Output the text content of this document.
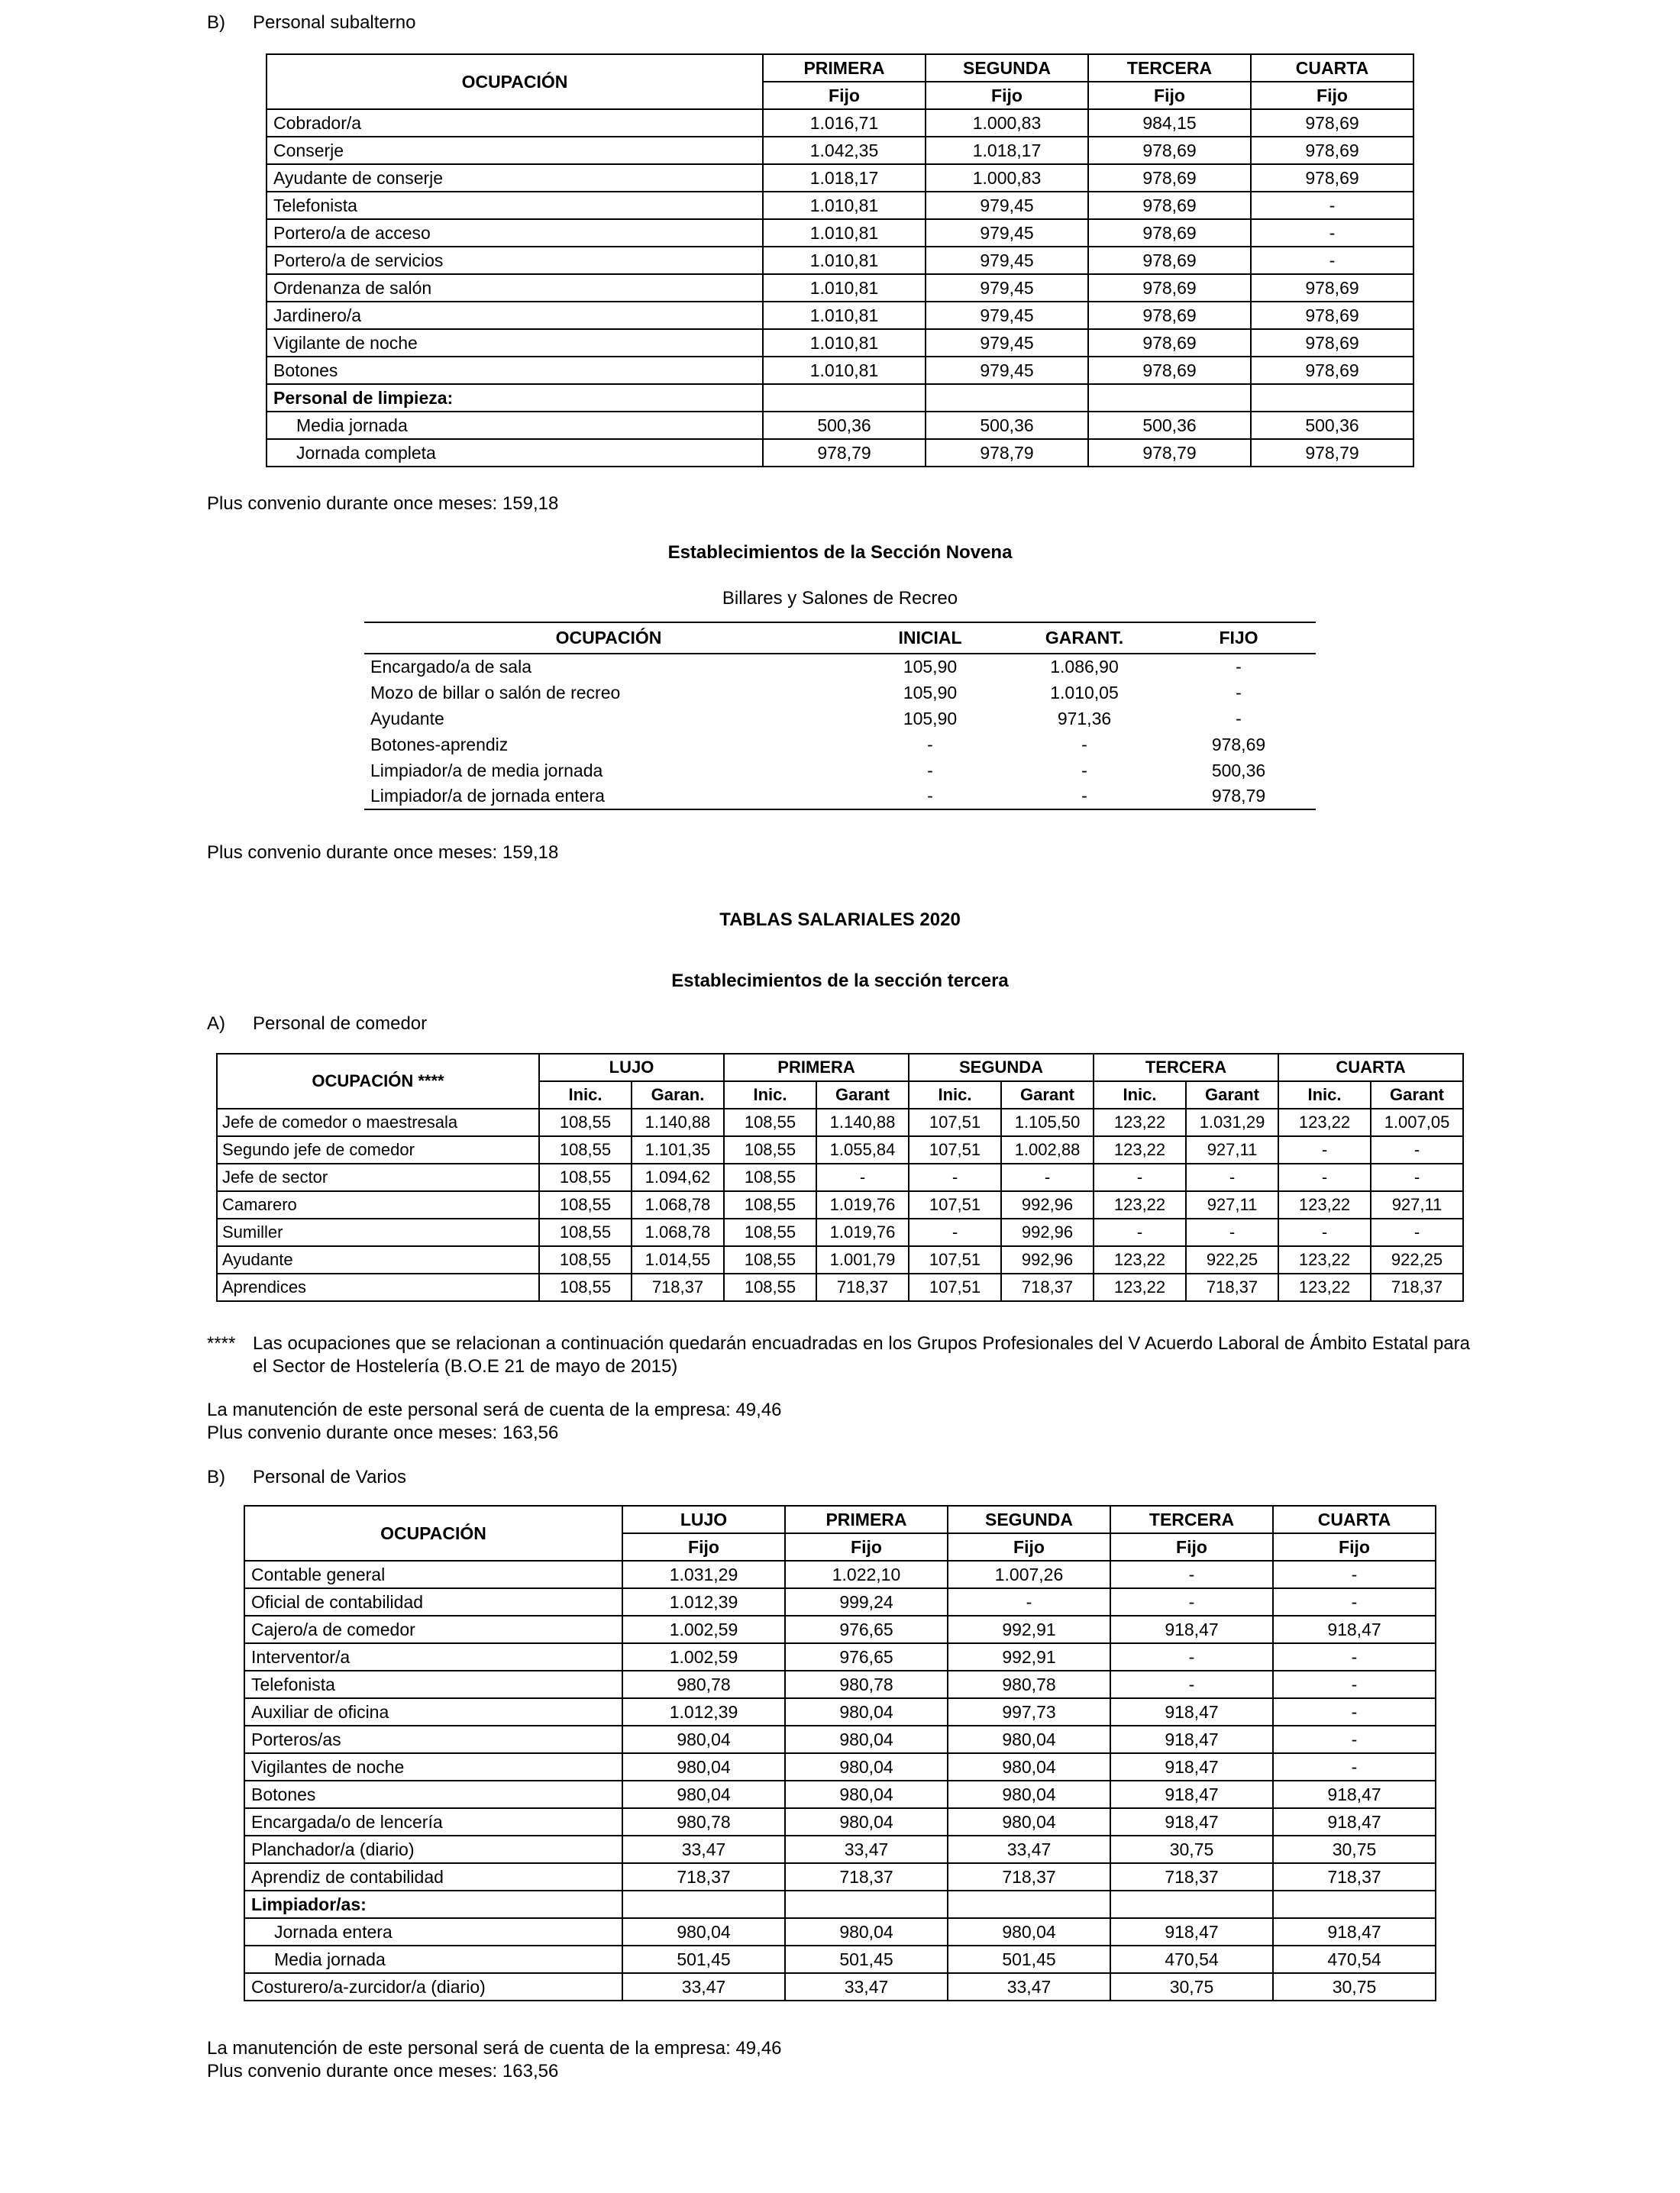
B) Personal subalterno
OCUPACIÓN	PRIMERA	SEGUNDA	TERCERA	CUARTA
	Fijo	Fijo	Fijo	Fijo
Cobrador/a	1.016,71	1.000,83	984,15	978,69
Conserje	1.042,35	1.018,17	978,69	978,69
Ayudante de conserje	1.018,17	1.000,83	978,69	978,69
Telefonista	1.010,81	979,45	978,69	-
Portero/a de acceso	1.010,81	979,45	978,69	-
Portero/a de servicios	1.010,81	979,45	978,69	-
Ordenanza de salón	1.010,81	979,45	978,69	978,69
Jardinero/a	1.010,81	979,45	978,69	978,69
Vigilante de noche	1.010,81	979,45	978,69	978,69
Botones	1.010,81	979,45	978,69	978,69
Personal de limpieza:				
Media jornada	500,36	500,36	500,36	500,36
Jornada completa	978,79	978,79	978,79	978,79
Plus convenio durante once meses: 159,18
Establecimientos de la Sección Novena
Billares y Salones de Recreo
OCUPACIÓN	INICIAL	GARANT.	FIJO
Encargado/a de sala	105,90	1.086,90	-
Mozo de billar o salón de recreo	105,90	1.010,05	-
Ayudante	105,90	971,36	-
Botones-aprendiz	-	-	978,69
Limpiador/a de media jornada	-	-	500,36
Limpiador/a de jornada entera	-	-	978,79
Plus convenio durante once meses: 159,18
TABLAS SALARIALES 2020
Establecimientos de la sección tercera
A) Personal de comedor
OCUPACIÓN ****	LUJO		PRIMERA		SEGUNDA		TERCERA		CUARTA	
	Inic.	Garan.	Inic.	Garant	Inic.	Garant	Inic.	Garant	Inic.	Garant
Jefe de comedor o maestresala	108,55	1.140,88	108,55	1.140,88	107,51	1.105,50	123,22	1.031,29	123,22	1.007,05
Segundo jefe de comedor	108,55	1.101,35	108,55	1.055,84	107,51	1.002,88	123,22	927,11	-	-
Jefe de sector	108,55	1.094,62	108,55	-	-	-	-	-	-	-
Camarero	108,55	1.068,78	108,55	1.019,76	107,51	992,96	123,22	927,11	123,22	927,11
Sumiller	108,55	1.068,78	108,55	1.019,76	-	992,96	-	-	-	-
Ayudante	108,55	1.014,55	108,55	1.001,79	107,51	992,96	123,22	922,25	123,22	922,25
Aprendices	108,55	718,37	108,55	718,37	107,51	718,37	123,22	718,37	123,22	718,37
**** Las ocupaciones que se relacionan a continuación quedarán encuadradas en los Grupos Profesionales del V Acuerdo Laboral de Ámbito Estatal para el Sector de Hostelería (B.O.E 21 de mayo de 2015)
La manutención de este personal será de cuenta de la empresa: 49,46
Plus convenio durante once meses: 163,56
B) Personal de Varios
OCUPACIÓN	LUJO	PRIMERA	SEGUNDA	TERCERA	CUARTA
	Fijo	Fijo	Fijo	Fijo	Fijo
Contable general	1.031,29	1.022,10	1.007,26	-	-
Oficial de contabilidad	1.012,39	999,24	-	-	-
Cajero/a de comedor	1.002,59	976,65	992,91	918,47	918,47
Interventor/a	1.002,59	976,65	992,91	-	-
Telefonista	980,78	980,78	980,78	-	-
Auxiliar de oficina	1.012,39	980,04	997,73	918,47	-
Porteros/as	980,04	980,04	980,04	918,47	-
Vigilantes de noche	980,04	980,04	980,04	918,47	-
Botones	980,04	980,04	980,04	918,47	918,47
Encargada/o de lencería	980,78	980,04	980,04	918,47	918,47
Planchador/a (diario)	33,47	33,47	33,47	30,75	30,75
Aprendiz de contabilidad	718,37	718,37	718,37	718,37	718,37
Limpiador/as:					
Jornada entera	980,04	980,04	980,04	918,47	918,47
Media jornada	501,45	501,45	501,45	470,54	470,54
Costurero/a-zurcidor/a (diario)	33,47	33,47	33,47	30,75	30,75
La manutención de este personal será de cuenta de la empresa: 49,46
Plus convenio durante once meses: 163,56
